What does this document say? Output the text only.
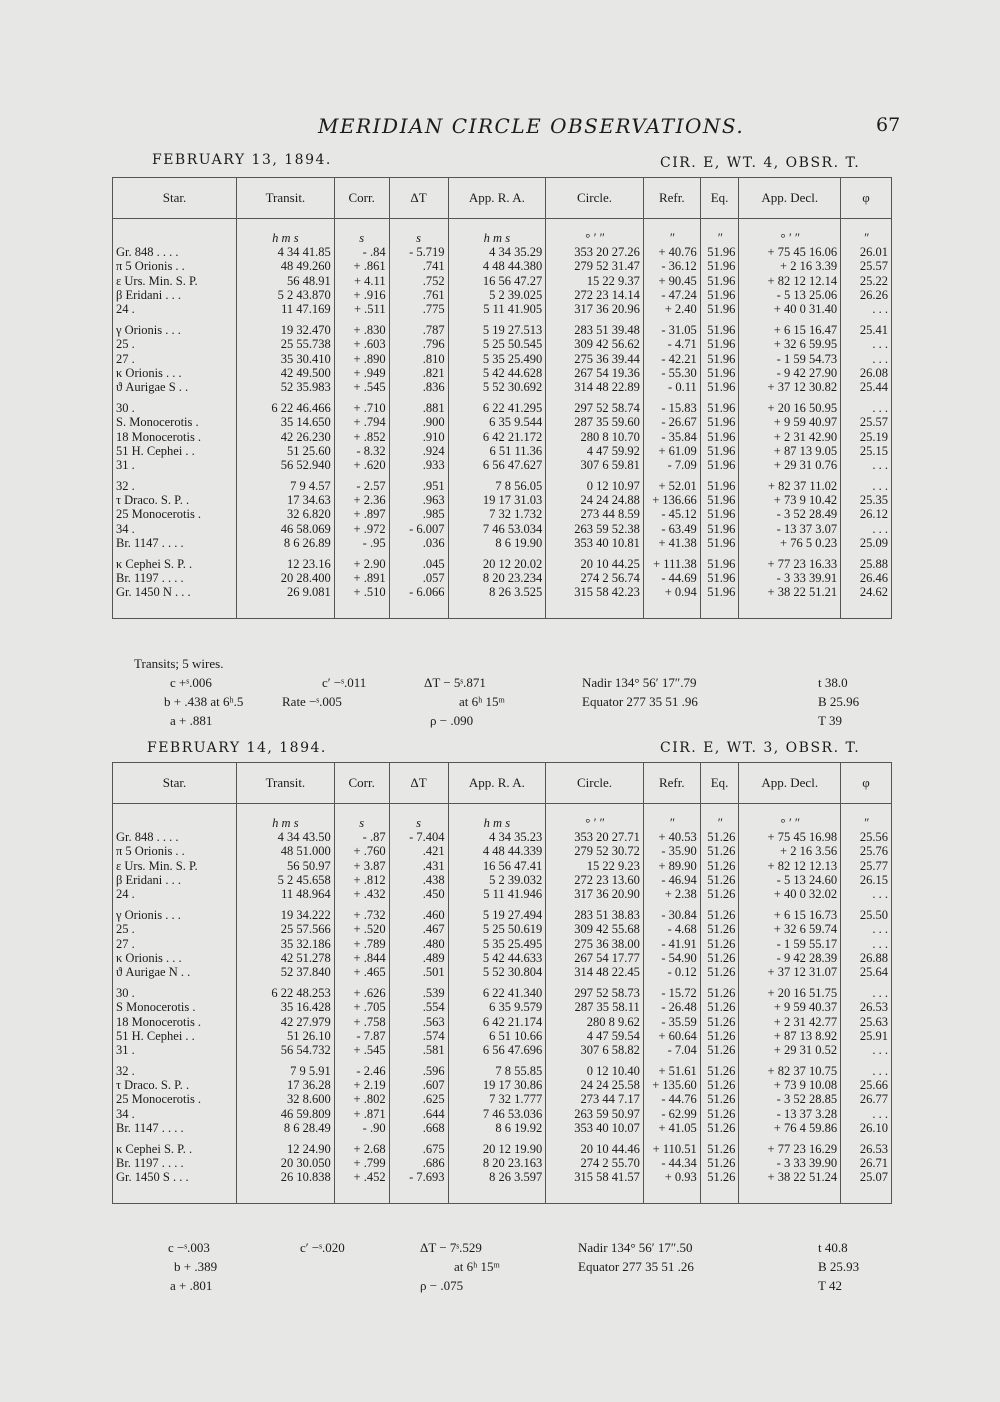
MERIDIAN CIRCLE OBSERVATIONS.	67
FEBRUARY 13, 1894.	CIR. E, WT. 4, OBSR. T.
Star.	Transit.	Corr.	ΔT	App. R. A.	Circle.	Refr.	Eq.	App. Decl.	φ
	h m s	s	s	h m s	° ′ ″	″	″	° ′ ″	″
Gr. 848 . . . .	4 34 41.85	- .84	- 5.719	4 34 35.29	353 20 27.26	+ 40.76	51.96	+ 75 45 16.06	26.01
π 5 Orionis . .	48 49.260	+ .861	.741	4 48 44.380	279 52 31.47	- 36.12	51.96	+ 2 16 3.39	25.57
ε Urs. Min. S. P.	56 48.91	+ 4.11	.752	16 56 47.27	15 22 9.37	+ 90.45	51.96	+ 82 12 12.14	25.22
β Eridani . . .	5 2 43.870	+ .916	.761	5 2 39.025	272 23 14.14	- 47.24	51.96	- 5 13 25.06	26.26
24 .	11 47.169	+ .511	.775	5 11 41.905	317 36 20.96	+ 2.40	51.96	+ 40 0 31.40	. . .

γ Orionis . . .	19 32.470	+ .830	.787	5 19 27.513	283 51 39.48	- 31.05	51.96	+ 6 15 16.47	25.41
25 .	25 55.738	+ .603	.796	5 25 50.545	309 42 56.62	- 4.71	51.96	+ 32 6 59.95	. . .
27 .	35 30.410	+ .890	.810	5 35 25.490	275 36 39.44	- 42.21	51.96	- 1 59 54.73	. . .
κ Orionis . . .	42 49.500	+ .949	.821	5 42 44.628	267 54 19.36	- 55.30	51.96	- 9 42 27.90	26.08
ϑ Aurigae S . .	52 35.983	+ .545	.836	5 52 30.692	314 48 22.89	- 0.11	51.96	+ 37 12 30.82	25.44

30 .	6 22 46.466	+ .710	.881	6 22 41.295	297 52 58.74	- 15.83	51.96	+ 20 16 50.95	. . .
S. Monocerotis .	35 14.650	+ .794	.900	6 35 9.544	287 35 59.60	- 26.67	51.96	+ 9 59 40.97	25.57
18 Monocerotis .	42 26.230	+ .852	.910	6 42 21.172	280 8 10.70	- 35.84	51.96	+ 2 31 42.90	25.19
51 H. Cephei . .	51 25.60	- 8.32	.924	6 51 11.36	4 47 59.92	+ 61.09	51.96	+ 87 13 9.05	25.15
31 .	56 52.940	+ .620	.933	6 56 47.627	307 6 59.81	- 7.09	51.96	+ 29 31 0.76	. . .

32 .	7 9 4.57	- 2.57	.951	7 8 56.05	0 12 10.97	+ 52.01	51.96	+ 82 37 11.02	. . .
τ Draco. S. P. .	17 34.63	+ 2.36	.963	19 17 31.03	24 24 24.88	+ 136.66	51.96	+ 73 9 10.42	25.35
25 Monocerotis .	32 6.820	+ .897	.985	7 32 1.732	273 44 8.59	- 45.12	51.96	- 3 52 28.49	26.12
34 .	46 58.069	+ .972	- 6.007	7 46 53.034	263 59 52.38	- 63.49	51.96	- 13 37 3.07	. . .
Br. 1147 . . . .	8 6 26.89	- .95	.036	8 6 19.90	353 40 10.81	+ 41.38	51.96	+ 76 5 0.23	25.09

κ Cephei S. P. .	12 23.16	+ 2.90	.045	20 12 20.02	20 10 44.25	+ 111.38	51.96	+ 77 23 16.33	25.88
Br. 1197 . . . .	20 28.400	+ .891	.057	8 20 23.234	274 2 56.74	- 44.69	51.96	- 3 33 39.91	26.46
Gr. 1450 N . . .	26 9.081	+ .510	- 6.066	8 26 3.525	315 58 42.23	+ 0.94	51.96	+ 38 22 51.21	24.62

Transits; 5 wires.
c +ˢ.006
b + .438 at 6ʰ.5
a + .881
c′ −ˢ.011
Rate −ˢ.005
ΔT − 5ˢ.871
at 6ʰ 15ᵐ
ρ − .090
Nadir 134° 56′ 17″.79
Equator 277 35 51 .96
t 38.0
B 25.96
T 39
FEBRUARY 14, 1894.	CIR. E, WT. 3, OBSR. T.
Star.	Transit.	Corr.	ΔT	App. R. A.	Circle.	Refr.	Eq.	App. Decl.	φ
	h m s	s	s	h m s	° ′ ″	″	″	° ′ ″	″
Gr. 848 . . . .	4 34 43.50	- .87	- 7.404	4 34 35.23	353 20 27.71	+ 40.53	51.26	+ 75 45 16.98	25.56
π 5 Orionis . .	48 51.000	+ .760	.421	4 48 44.339	279 52 30.72	- 35.90	51.26	+ 2 16 3.56	25.76
ε Urs. Min. S. P.	56 50.97	+ 3.87	.431	16 56 47.41	15 22 9.23	+ 89.90	51.26	+ 82 12 12.13	25.77
β Eridani . . .	5 2 45.658	+ .812	.438	5 2 39.032	272 23 13.60	- 46.94	51.26	- 5 13 24.60	26.15
24 .	11 48.964	+ .432	.450	5 11 41.946	317 36 20.90	+ 2.38	51.26	+ 40 0 32.02	. . .

γ Orionis . . .	19 34.222	+ .732	.460	5 19 27.494	283 51 38.83	- 30.84	51.26	+ 6 15 16.73	25.50
25 .	25 57.566	+ .520	.467	5 25 50.619	309 42 55.68	- 4.68	51.26	+ 32 6 59.74	. . .
27 .	35 32.186	+ .789	.480	5 35 25.495	275 36 38.00	- 41.91	51.26	- 1 59 55.17	. . .
κ Orionis . . .	42 51.278	+ .844	.489	5 42 44.633	267 54 17.77	- 54.90	51.26	- 9 42 28.39	26.88
ϑ Aurigae N . .	52 37.840	+ .465	.501	5 52 30.804	314 48 22.45	- 0.12	51.26	+ 37 12 31.07	25.64

30 .	6 22 48.253	+ .626	.539	6 22 41.340	297 52 58.73	- 15.72	51.26	+ 20 16 51.75	. . .
S Monocerotis .	35 16.428	+ .705	.554	6 35 9.579	287 35 58.11	- 26.48	51.26	+ 9 59 40.37	26.53
18 Monocerotis .	42 27.979	+ .758	.563	6 42 21.174	280 8 9.62	- 35.59	51.26	+ 2 31 42.77	25.63
51 H. Cephei . .	51 26.10	- 7.87	.574	6 51 10.66	4 47 59.54	+ 60.64	51.26	+ 87 13 8.92	25.91
31 .	56 54.732	+ .545	.581	6 56 47.696	307 6 58.82	- 7.04	51.26	+ 29 31 0.52	. . .

32 .	7 9 5.91	- 2.46	.596	7 8 55.85	0 12 10.40	+ 51.61	51.26	+ 82 37 10.75	. . .
τ Draco. S. P. .	17 36.28	+ 2.19	.607	19 17 30.86	24 24 25.58	+ 135.60	51.26	+ 73 9 10.08	25.66
25 Monocerotis .	32 8.600	+ .802	.625	7 32 1.777	273 44 7.17	- 44.76	51.26	- 3 52 28.85	26.77
34 .	46 59.809	+ .871	.644	7 46 53.036	263 59 50.97	- 62.99	51.26	- 13 37 3.28	. . .
Br. 1147 . . . .	8 6 28.49	- .90	.668	8 6 19.92	353 40 10.07	+ 41.05	51.26	+ 76 4 59.86	26.10

κ Cephei S. P. .	12 24.90	+ 2.68	.675	20 12 19.90	20 10 44.46	+ 110.51	51.26	+ 77 23 16.29	26.53
Br. 1197 . . . .	20 30.050	+ .799	.686	8 20 23.163	274 2 55.70	- 44.34	51.26	- 3 33 39.90	26.71
Gr. 1450 S . . .	26 10.838	+ .452	- 7.693	8 26 3.597	315 58 41.57	+ 0.93	51.26	+ 38 22 51.24	25.07

c −ˢ.003
b + .389
a + .801
c′ −ˢ.020	ΔT − 7ˢ.529
at 6ʰ 15ᵐ
ρ − .075
Nadir 134° 56′ 17″.50
Equator 277 35 51 .26
t 40.8
B 25.93
T 42
